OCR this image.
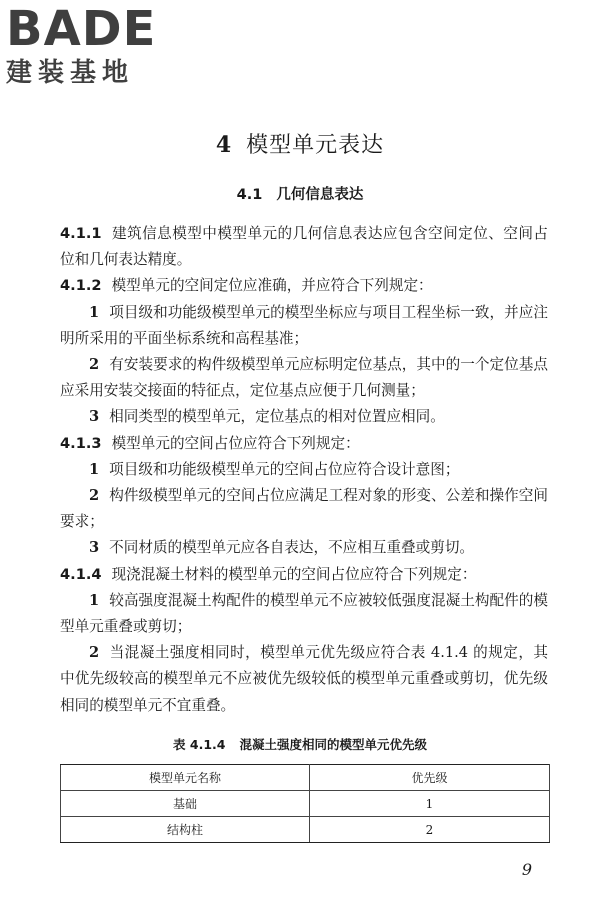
BADE
建装基地
4 模型单元表达
4.1 几何信息表达

4.1.1 建筑信息模型中模型单元的几何信息表达应包含空间定位、空间占位和几何表达精度。

4.1.2 模型单元的空间定位应准确，并应符合下列规定：

1 项目级和功能级模型单元的模型坐标应与项目工程坐标一致，并应注明所采用的平面坐标系统和高程基准；

2 有安装要求的构件级模型单元应标明定位基点，其中的一个定位基点应采用安装交接面的特征点，定位基点应便于几何测量；

3 相同类型的模型单元，定位基点的相对位置应相同。

4.1.3 模型单元的空间占位应符合下列规定：

1 项目级和功能级模型单元的空间占位应符合设计意图；

2 构件级模型单元的空间占位应满足工程对象的形变、公差和操作空间要求；

3 不同材质的模型单元应各自表达，不应相互重叠或剪切。

4.1.4 现浇混凝土材料的模型单元的空间占位应符合下列规定：

1 较高强度混凝土构配件的模型单元不应被较低强度混凝土构配件的模型单元重叠或剪切；

2 当混凝土强度相同时，模型单元优先级应符合表 4.1.4 的规定，其中优先级较高的模型单元不应被优先级较低的模型单元重叠或剪切，优先级相同的模型单元不宜重叠。

表 4.1.4 混凝土强度相同的模型单元优先级
模型单元名称	优先级
基础	1
结构柱	2
9
